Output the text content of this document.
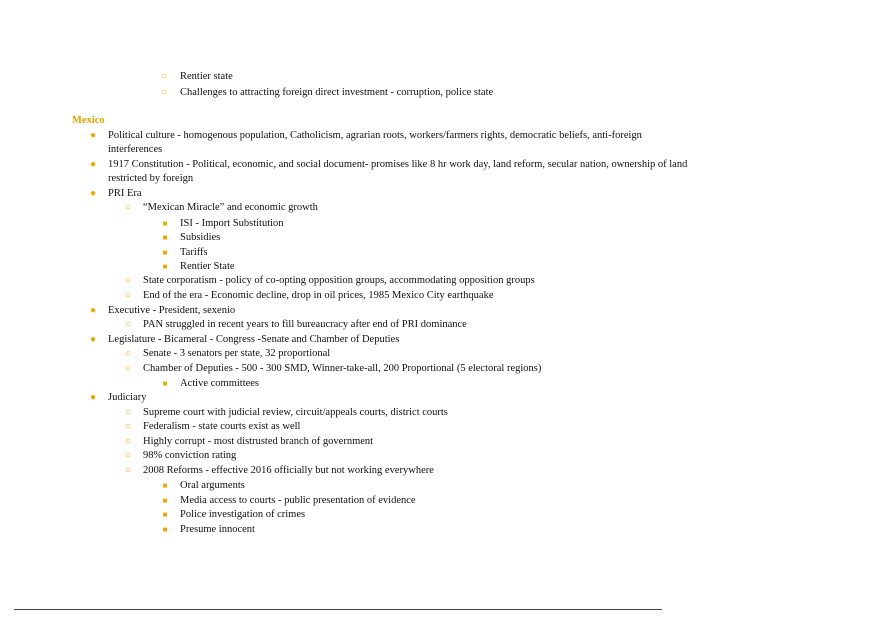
○ Rentier state
○ Challenges to attracting foreign direct investment - corruption, police state
Mexico
● Political culture - homogenous population, Catholicism, agrarian roots, workers/farmers rights, democratic beliefs, anti-foreign
interferences
● 1917 Constitution - Political, economic, and social document- promises like 8 hr work day, land reform, secular nation, ownership of land
restricted by foreign
● PRI Era
○ “Mexican Miracle” and economic growth
■ ISI - Import Substitution
■ Subsidies
■ Tariffs
■ Rentier State
○ State corporatism - policy of co-opting opposition groups, accommodating opposition groups
○ End of the era - Economic decline, drop in oil prices, 1985 Mexico City earthquake
● Executive - President, sexenio
○ PAN struggled in recent years to fill bureaucracy after end of PRI dominance
● Legislature - Bicameral - Congress -Senate and Chamber of Deputies
○ Senate - 3 senators per state, 32 proportional
○ Chamber of Deputies - 500 - 300 SMD, Winner-take-all, 200 Proportional (5 electoral regions)
■ Active committees
● Judiciary
○ Supreme court with judicial review, circuit/appeals courts, district courts
○ Federalism - state courts exist as well
○ Highly corrupt - most distrusted branch of government
○ 98% conviction rating
○ 2008 Reforms - effective 2016 officially but not working everywhere
■ Oral arguments
■ Media access to courts - public presentation of evidence
■ Police investigation of crimes
■ Presume innocent
